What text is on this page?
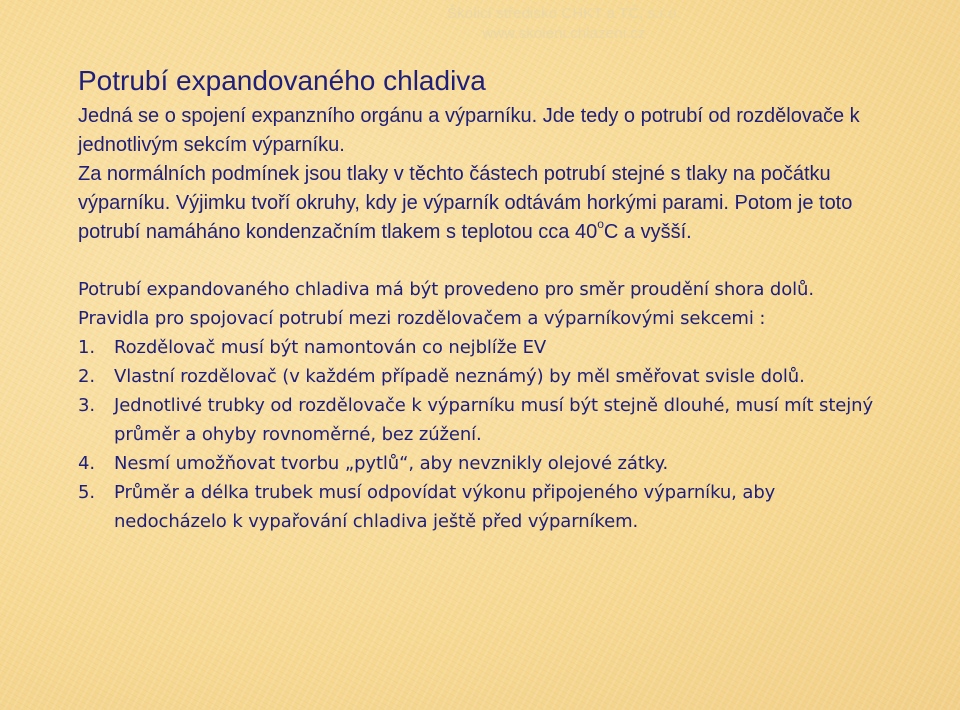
Školicí středisko CHKT a TČ, s.r.o.
www.skoleni.chlazeni.cz
Potrubí expandovaného chladiva

Jedná se o spojení expanzního orgánu a výparníku. Jde tedy o potrubí od rozdělovače k jednotlivým sekcím výparníku.

Za normálních podmínek jsou tlaky v těchto částech potrubí stejné s tlaky na počátku výparníku. Výjimku tvoří okruhy, kdy je výparník odtávám horkými parami. Potom je toto potrubí namáháno kondenzačním tlakem s teplotou cca 40$^o$C a vyšší.

Potrubí expandovaného chladiva má být provedeno pro směr proudění shora dolů.

Pravidla pro spojovací potrubí mezi rozdělovačem a výparníkovými sekcemi :

1.	Rozdělovač musí být namontován co nejblíže EV
2.	Vlastní rozdělovač (v každém případě neznámý) by měl směřovat svisle dolů.
3.	Jednotlivé trubky od rozdělovače k výparníku musí být stejně dlouhé, musí mít stejný průměr a ohyby rovnoměrné, bez zúžení.
4.	Nesmí umožňovat tvorbu „pytlů“, aby nevznikly olejové zátky.
5.	Průměr a délka trubek musí odpovídat výkonu připojeného výparníku, aby nedocházelo k vypařování chladiva ještě před výparníkem.
